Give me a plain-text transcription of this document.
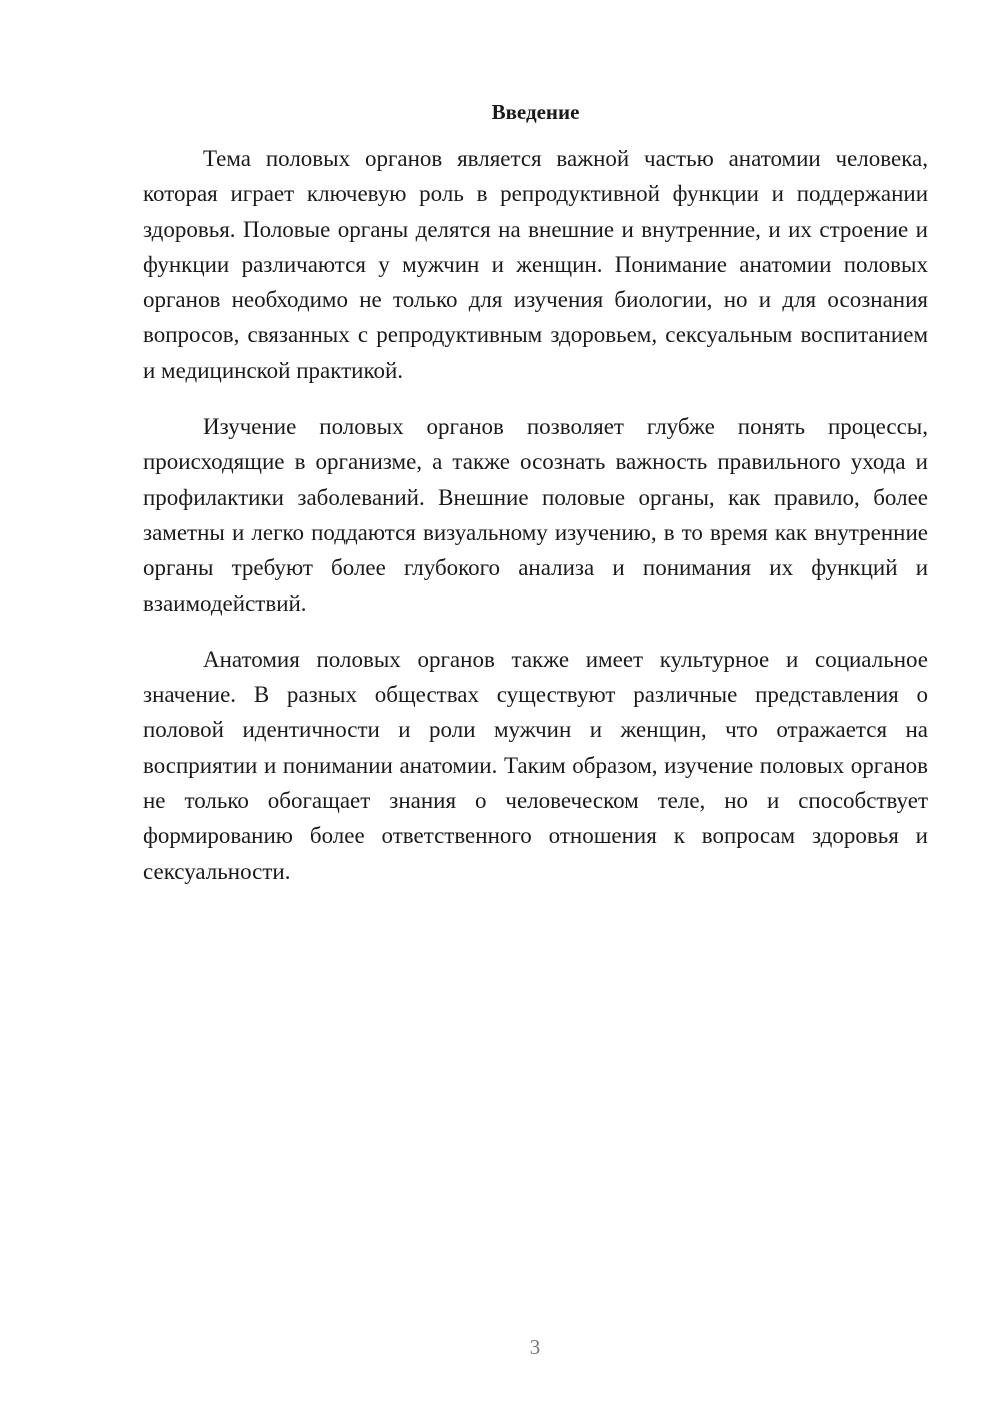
Введение

Тема половых органов является важной частью анатомии человека, которая играет ключевую роль в репродуктивной функции и поддержании здоровья. Половые органы делятся на внешние и внутренние, и их строение и функции различаются у мужчин и женщин. Понимание анатомии половых органов необходимо не только для изучения биологии, но и для осознания вопросов, связанных с репродуктивным здоровьем, сексуальным воспитанием и медицинской практикой.

Изучение половых органов позволяет глубже понять процессы, происходящие в организме, а также осознать важность правильного ухода и профилактики заболеваний. Внешние половые органы, как правило, более заметны и легко поддаются визуальному изучению, в то время как внутренние органы требуют более глубокого анализа и понимания их функций и взаимодействий.

Анатомия половых органов также имеет культурное и социальное значение. В разных обществах существуют различные представления о половой идентичности и роли мужчин и женщин, что отражается на восприятии и понимании анатомии. Таким образом, изучение половых органов не только обогащает знания о человеческом теле, но и способствует формированию более ответственного отношения к вопросам здоровья и сексуальности.

3
